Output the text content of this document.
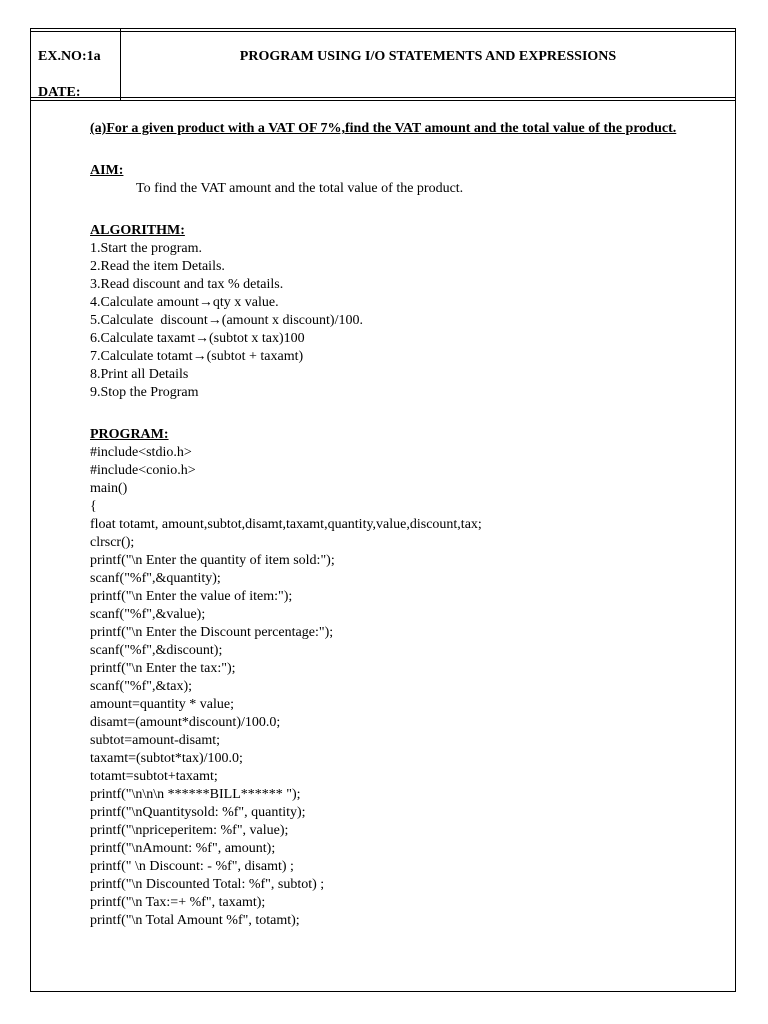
EX.NO:1a
DATE:
PROGRAM USING I/O STATEMENTS AND EXPRESSIONS
(a)For a given product with a VAT OF 7%,find the VAT amount and the total value of the product.
AIM:
To find the VAT amount and the total value of the product.
ALGORITHM:
1.Start the program.
2.Read the item Details.
3.Read discount and tax % details.
4.Calculate amount→qty x value.
5.Calculate  discount→(amount x discount)/100.
6.Calculate taxamt→(subtot x tax)100
7.Calculate totamt→(subtot + taxamt)
8.Print all Details
9.Stop the Program
PROGRAM:
#include<stdio.h>
#include<conio.h>
main()
{
float totamt, amount,subtot,disamt,taxamt,quantity,value,discount,tax;
clrscr();
printf("\n Enter the quantity of item sold:");
scanf("%f",&quantity);
printf("\n Enter the value of item:");
scanf("%f",&value);
printf("\n Enter the Discount percentage:");
scanf("%f",&discount);
printf("\n Enter the tax:");
scanf("%f",&tax);
amount=quantity * value;
disamt=(amount*discount)/100.0;
subtot=amount-disamt;
taxamt=(subtot*tax)/100.0;
totamt=subtot+taxamt;
printf("\n\n\n ******BILL****** ");
printf("\nQuantitysold: %f", quantity);
printf("\npriceperitem: %f", value);
printf("\nAmount: %f", amount);
printf(" \n Discount: - %f", disamt) ;
printf("\n Discounted Total: %f", subtot) ;
printf("\n Tax:=+ %f", taxamt);
printf("\n Total Amount %f", totamt);
